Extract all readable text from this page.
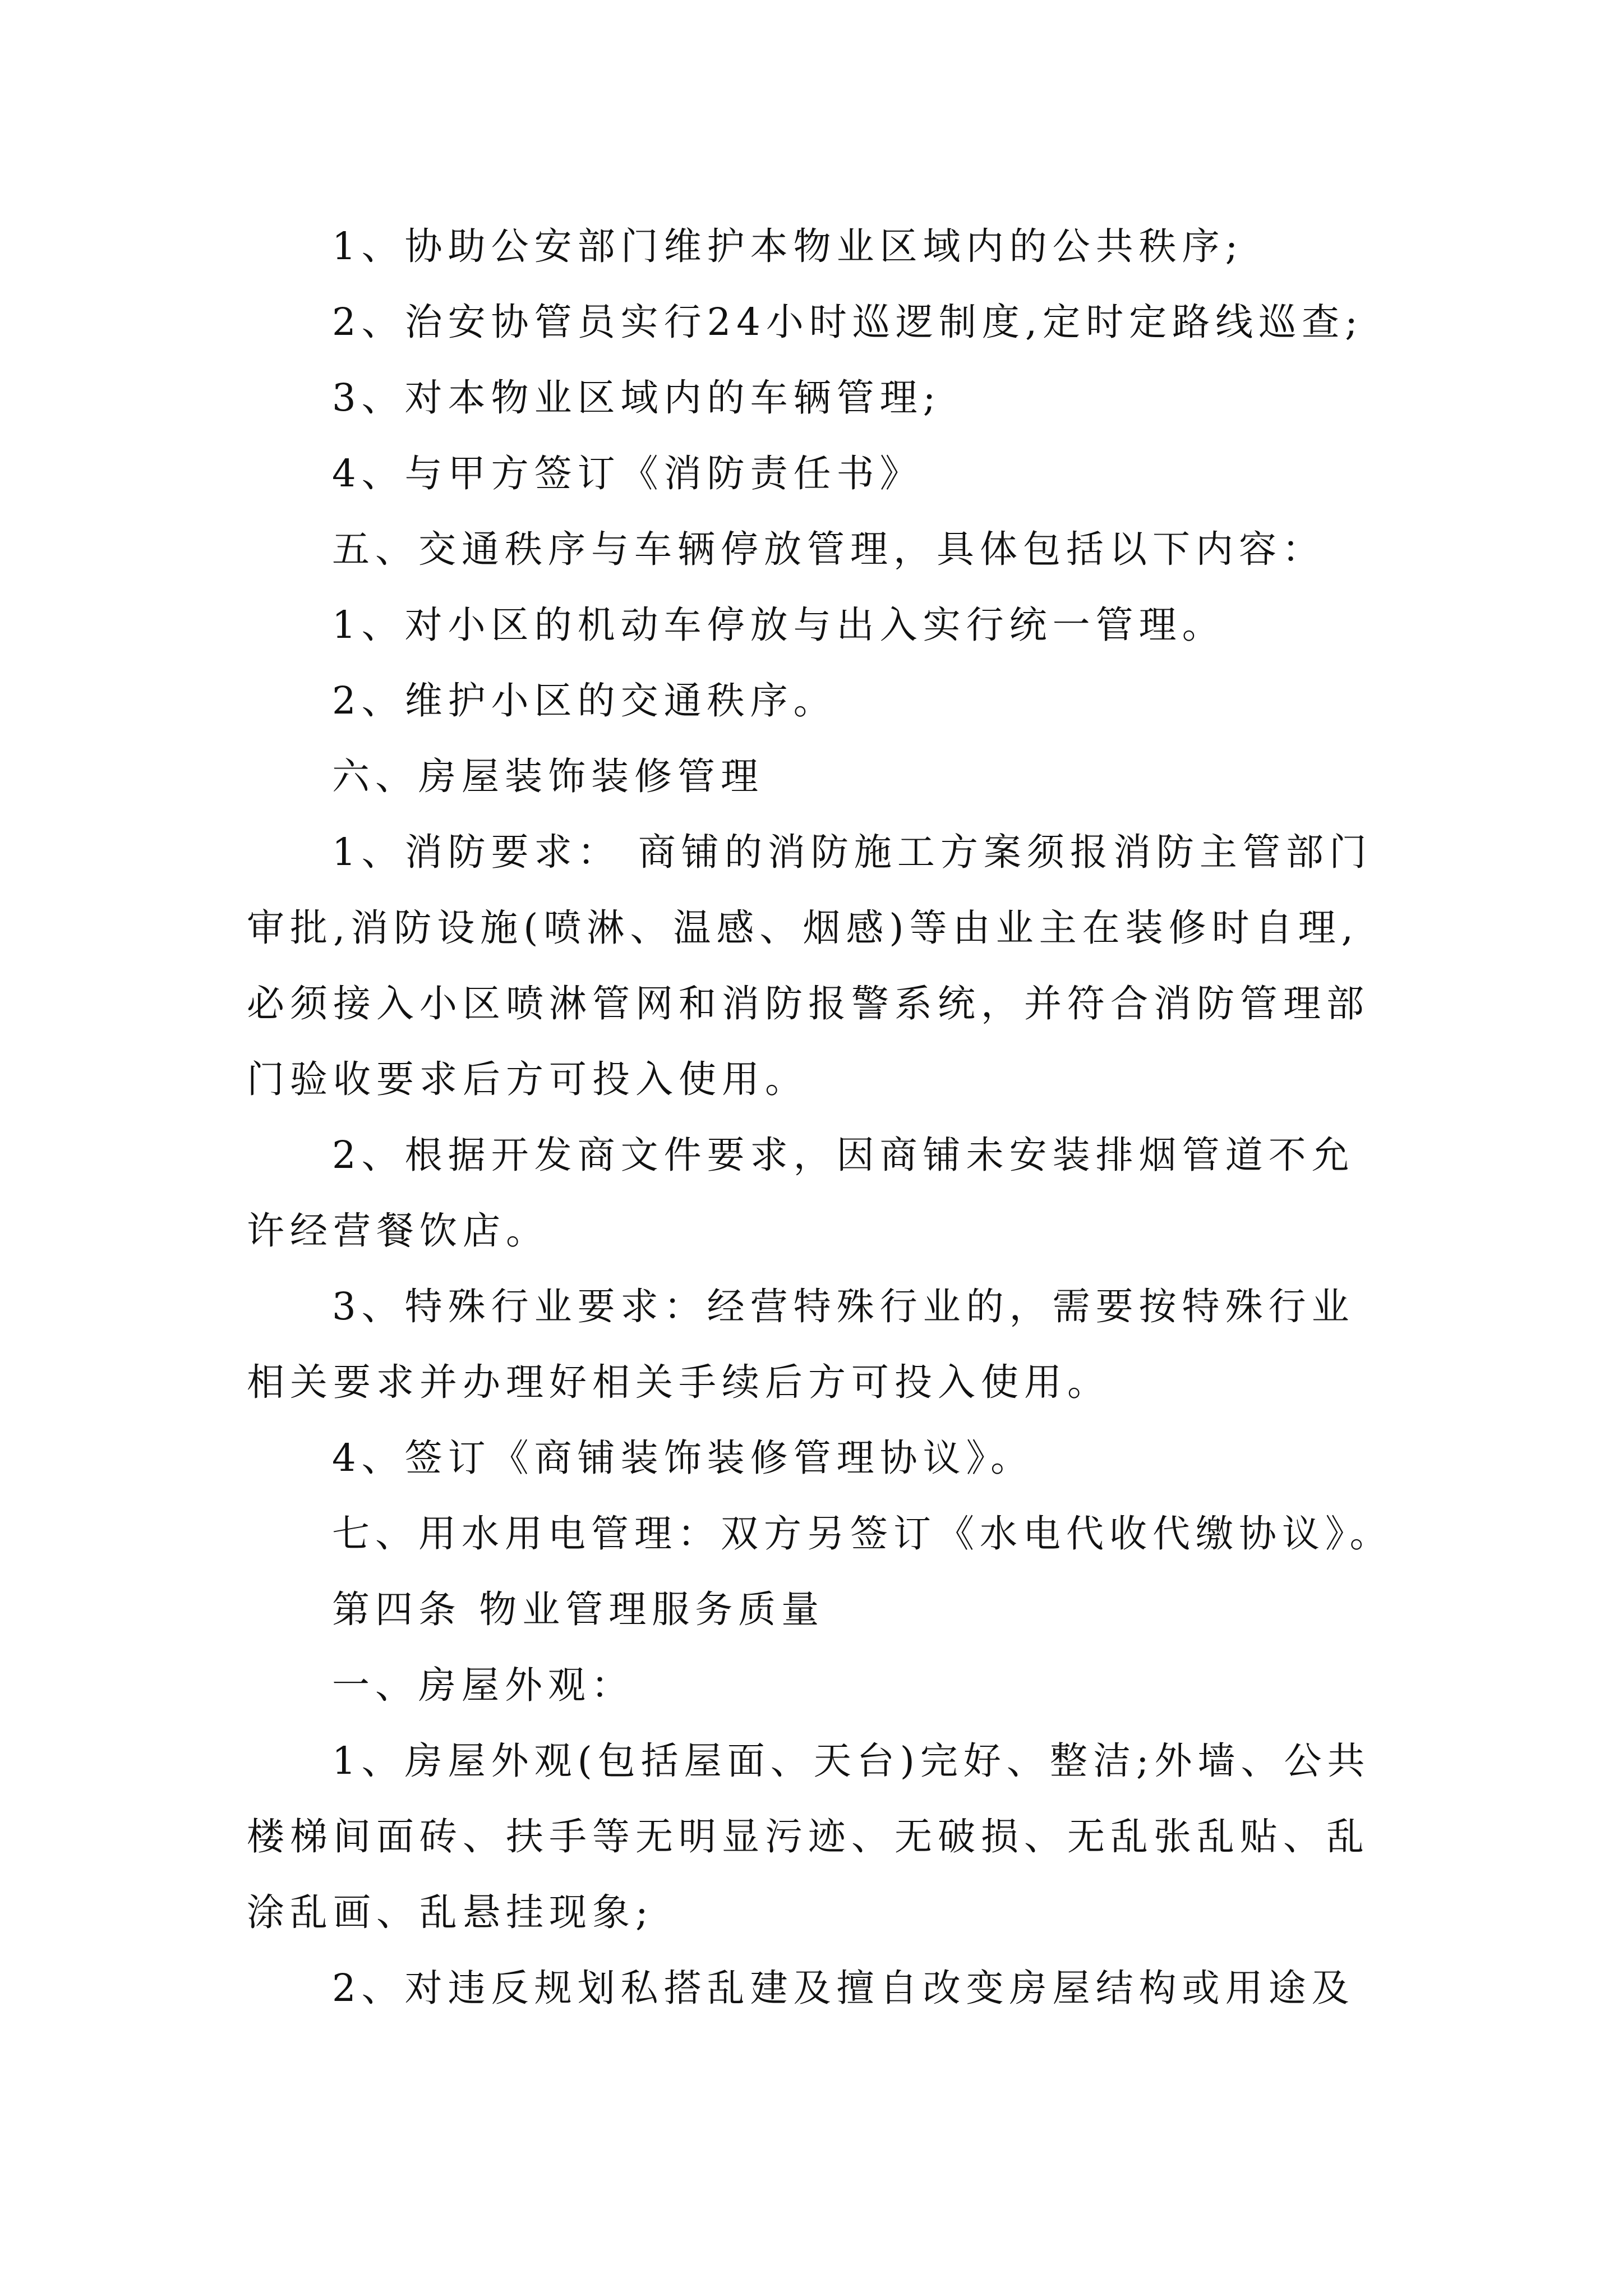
1、协助公安部门维护本物业区域内的公共秩序;
2、治安协管员实行24小时巡逻制度,定时定路线巡查;
3、对本物业区域内的车辆管理;
4、与甲方签订《消防责任书》
五、交通秩序与车辆停放管理，具体包括以下内容：
1、对小区的机动车停放与出入实行统一管理。
2、维护小区的交通秩序。
六、房屋装饰装修管理
1、消防要求： 商铺的消防施工方案须报消防主管部门
审批,消防设施(喷淋、温感、烟感)等由业主在装修时自理,
必须接入小区喷淋管网和消防报警系统，并符合消防管理部
门验收要求后方可投入使用。
2、根据开发商文件要求，因商铺未安装排烟管道不允
许经营餐饮店。
3、特殊行业要求：经营特殊行业的，需要按特殊行业
相关要求并办理好相关手续后方可投入使用。
4、签订《商铺装饰装修管理协议》。
七、用水用电管理：双方另签订《水电代收代缴协议》。
第四条 物业管理服务质量
一、房屋外观：
1、房屋外观(包括屋面、天台)完好、整洁;外墙、公共
楼梯间面砖、扶手等无明显污迹、无破损、无乱张乱贴、乱
涂乱画、乱悬挂现象;
2、对违反规划私搭乱建及擅自改变房屋结构或用途及
